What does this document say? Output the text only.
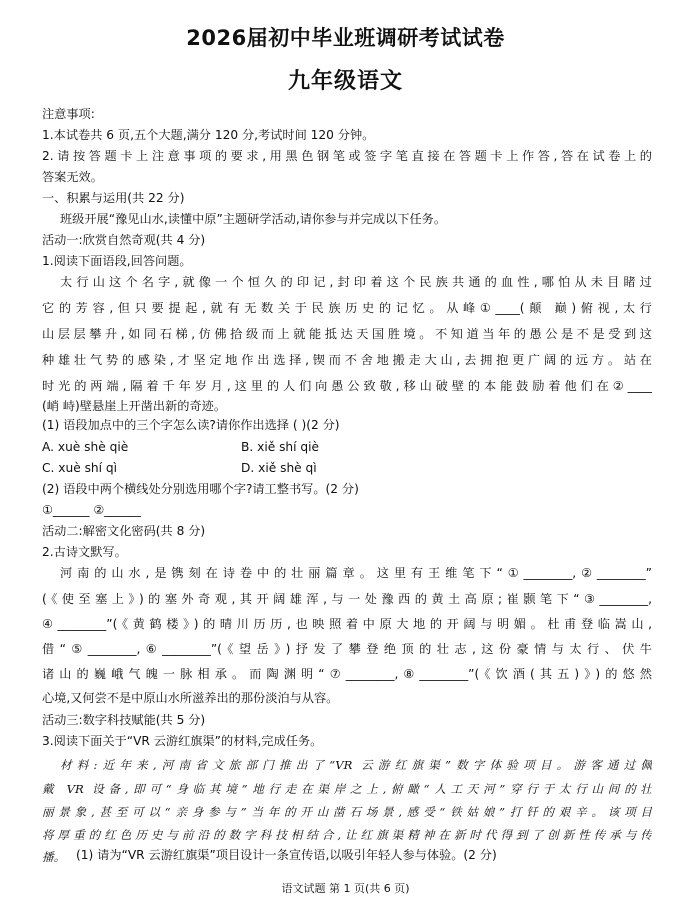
2026届初中毕业班调研考试试卷
九年级语文
注意事项:
1.本试卷共 6 页,五个大题,满分 120 分,考试时间 120 分钟。
2.请按答题卡上注意事项的要求,用黑色钢笔或签字笔直接在答题卡上作答,答在试卷上的
答案无效。
一、积累与运用(共 22 分)
班级开展“豫见山水,读懂中原”主题研学活动,请你参与并完成以下任务。
活动一:欣赏自然奇观(共 4 分)
1.阅读下面语段,回答问题。
太行山这个名字,就像一个恒久的印记,封印着这个民族共通的血性,哪怕从未目睹过
它的芳容,但只要提起,就有无数关于民族历史的记忆。从峰①____(颠 巅)俯视,太行
山层层攀升,如同石梯,仿佛拾级而上就能抵达天国胜境。不知道当年的愚公是不是受到这
种雄壮气势的感染,才坚定地作出选择,锲而不舍地搬走大山,去拥抱更广阔的远方。站在
时光的两端,隔着千年岁月,这里的人们向愚公致敬,移山破壁的本能鼓励着他们在②____
(峭 峙)壁悬崖上开凿出新的奇迹。
(1) 语段加点中的三个字怎么读?请你作出选择 ( )(2 分)
A. xuè shè qiè	B. xiě shí qiè
C. xuè shí qì	D. xiě shè qì
(2) 语段中两个横线处分别选用哪个字?请工整书写。(2 分)
①______ ②______
活动二:解密文化密码(共 8 分)
2.古诗文默写。
河南的山水,是镌刻在诗卷中的壮丽篇章。这里有王维笔下“①________,②________”
(《使至塞上》)的塞外奇观,其开阔雄浑,与一处豫西的黄土高原;崔颢笔下“③________,
④________”(《黄鹤楼》)的晴川历历,也映照着中原大地的开阔与明媚。杜甫登临嵩山,
借“⑤________,⑥________”(《望岳》)抒发了攀登绝顶的壮志,这份豪情与太行、伏牛
诸山的巍峨气魄一脉相承。而陶渊明“⑦________,⑧________”(《饮酒(其五)》)的悠然
心境,又何尝不是中原山水所滋养出的那份淡泊与从容。
活动三:数字科技赋能(共 5 分)
3.阅读下面关于“VR 云游红旗渠”的材料,完成任务。
材料:近年来,河南省文旅部门推出了“VR 云游红旗渠”数字体验项目。游客通过佩
戴 VR 设备,即可“身临其境”地行走在渠岸之上,俯瞰“人工天河”穿行于太行山间的壮
丽景象,甚至可以“亲身参与”当年的开山凿石场景,感受“铁姑娘”打钎的艰辛。该项目
将厚重的红色历史与前沿的数字科技相结合,让红旗渠精神在新时代得到了创新性传承与传
播。 (1) 请为“VR 云游红旗渠”项目设计一条宣传语,以吸引年轻人参与体验。(2 分)
语文试题 第 1 页(共 6 页)
